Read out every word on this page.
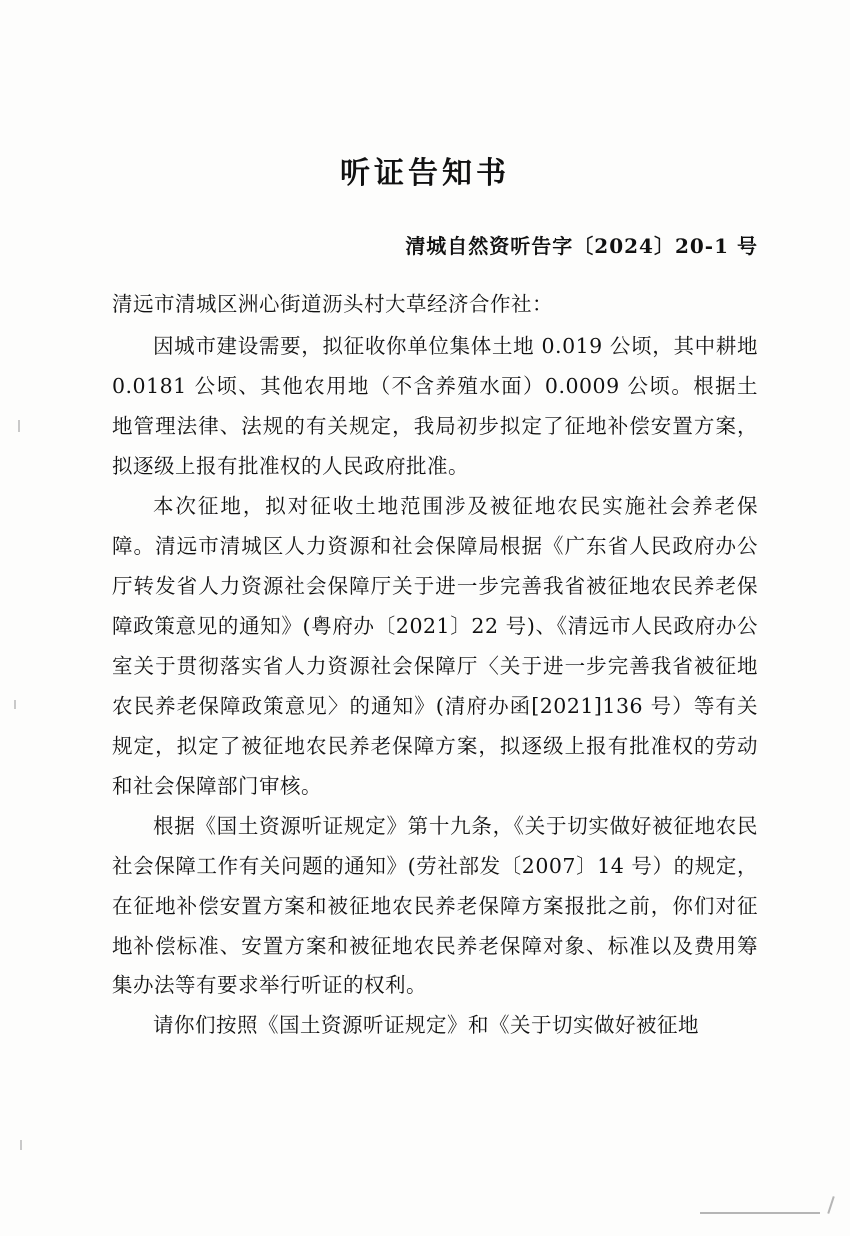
听证告知书
清城自然资听告字〔2024〕20-1 号
清远市清城区洲心街道沥头村大草经济合作社：

因城市建设需要，拟征收你单位集体土地 0.019 公顷，其中耕地 0.0181 公顷、其他农用地（不含养殖水面）0.0009 公顷。根据土地管理法律、法规的有关规定，我局初步拟定了征地补偿安置方案，拟逐级上报有批准权的人民政府批准。

本次征地，拟对征收土地范围涉及被征地农民实施社会养老保障。清远市清城区人力资源和社会保障局根据《广东省人民政府办公厅转发省人力资源社会保障厅关于进一步完善我省被征地农民养老保障政策意见的通知》(粤府办〔2021〕22 号)、《清远市人民政府办公室关于贯彻落实省人力资源社会保障厅〈关于进一步完善我省被征地农民养老保障政策意见〉的通知》(清府办函[2021]136 号）等有关规定，拟定了被征地农民养老保障方案，拟逐级上报有批准权的劳动和社会保障部门审核。

根据《国土资源听证规定》第十九条，《关于切实做好被征地农民社会保障工作有关问题的通知》(劳社部发〔2007〕14 号）的规定，在征地补偿安置方案和被征地农民养老保障方案报批之前，你们对征地补偿标准、安置方案和被征地农民养老保障对象、标准以及费用筹集办法等有要求举行听证的权利。

请你们按照《国土资源听证规定》和《关于切实做好被征地
